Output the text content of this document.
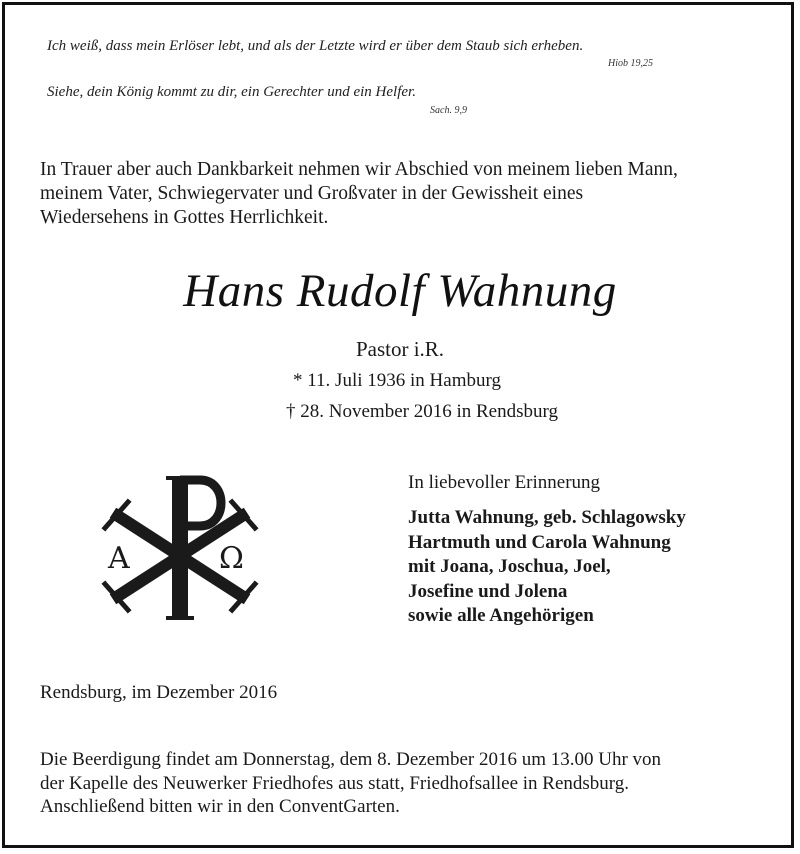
Ich weiß, dass mein Erlöser lebt, und als der Letzte wird er über dem Staub sich erheben.
Hiob 19,25
Siehe, dein König kommt zu dir, ein Gerechter und ein Helfer.
Sach. 9,9

In Trauer aber auch Dankbarkeit nehmen wir Abschied von meinem lieben Mann,
meinem Vater, Schwiegervater und Großvater in der Gewissheit eines
Wiedersehens in Gottes Herrlichkeit.

Hans Rudolf Wahnung
Pastor i.R.
* 11. Juli 1936 in Hamburg
† 28. November 2016 in Rendsburg
A	Ω
In liebevoller Erinnerung

Jutta Wahnung, geb. Schlagowsky
Hartmuth und Carola Wahnung
mit Joana, Joschua, Joel,
Josefine und Jolena
sowie alle Angehörigen

Rendsburg, im Dezember 2016

Die Beerdigung findet am Donnerstag, dem 8. Dezember 2016 um 13.00 Uhr von
der Kapelle des Neuwerker Friedhofes aus statt, Friedhofsallee in Rendsburg.
Anschließend bitten wir in den ConventGarten.
